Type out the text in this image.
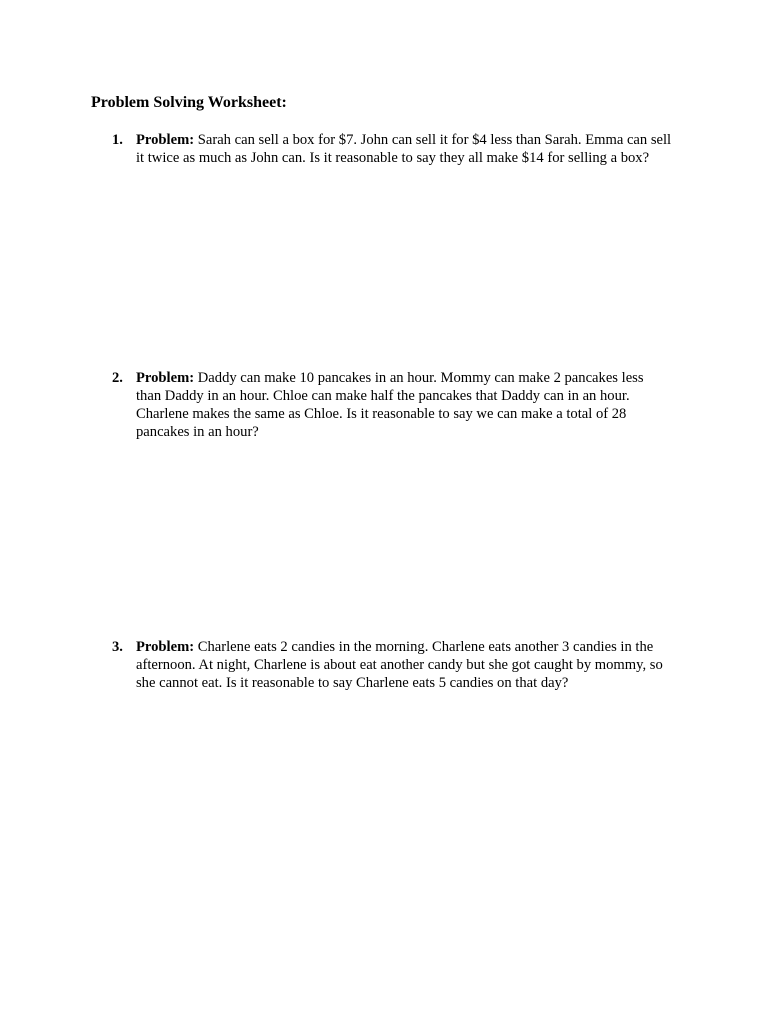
Problem Solving Worksheet:
1. Problem: Sarah can sell a box for $7. John can sell it for $4 less than Sarah. Emma can sell it twice as much as John can. Is it reasonable to say they all make $14 for selling a box?
2. Problem: Daddy can make 10 pancakes in an hour. Mommy can make 2 pancakes less than Daddy in an hour. Chloe can make half the pancakes that Daddy can in an hour. Charlene makes the same as Chloe. Is it reasonable to say we can make a total of 28 pancakes in an hour?
3. Problem: Charlene eats 2 candies in the morning. Charlene eats another 3 candies in the afternoon. At night, Charlene is about eat another candy but she got caught by mommy, so she cannot eat. Is it reasonable to say Charlene eats 5 candies on that day?
